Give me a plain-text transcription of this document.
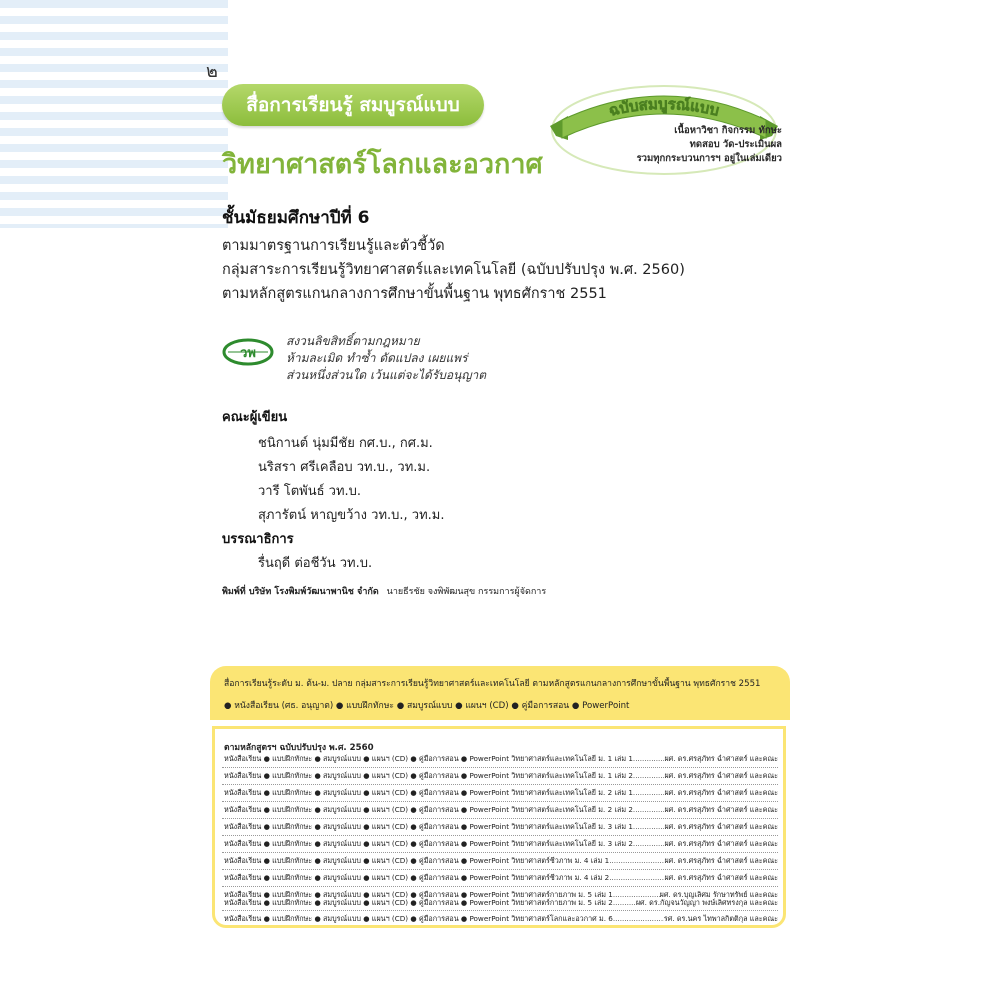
๒
สื่อการเรียนรู้ สมบูรณ์แบบ
วิทยาศาสตร์โลกและอวกาศ
ฉบับสมบูรณ์แบบ
เนื้อหาวิชา กิจกรรม ทักษะ
ทดสอบ วัด-ประเมินผล
รวมทุกกระบวนการฯ อยู่ในเล่มเดียว
ชั้นมัธยมศึกษาปีที่ 6
ตามมาตรฐานการเรียนรู้และตัวชี้วัด
กลุ่มสาระการเรียนรู้วิทยาศาสตร์และเทคโนโลยี (ฉบับปรับปรุง พ.ศ. 2560)
ตามหลักสูตรแกนกลางการศึกษาขั้นพื้นฐาน พุทธศักราช 2551
วพ
สงวนลิขสิทธิ์ตามกฎหมาย
ห้ามละเมิด ทำซ้ำ ดัดแปลง เผยแพร่
ส่วนหนึ่งส่วนใด เว้นแต่จะได้รับอนุญาต
คณะผู้เขียน
ชนิกานต์ นุ่มมีชัย กศ.บ., กศ.ม.
นริสรา ศรีเคลือบ วท.บ., วท.ม.
วารี โตพันธ์ วท.บ.
สุภารัตน์ หาญขว้าง วท.บ., วท.ม.
บรรณาธิการ
รื่นฤดี ต่อชีวัน วท.บ.
พิมพ์ที่ บริษัท โรงพิมพ์วัฒนาพานิช จำกัด นายธีรชัย จงพิพัฒนสุข กรรมการผู้จัดการ
สื่อการเรียนรู้ระดับ ม. ต้น-ม. ปลาย กลุ่มสาระการเรียนรู้วิทยาศาสตร์และเทคโนโลยี ตามหลักสูตรแกนกลางการศึกษาขั้นพื้นฐาน พุทธศักราช 2551
● หนังสือเรียน (ศธ. อนุญาต) ● แบบฝึกทักษะ ● สมบูรณ์แบบ ● แผนฯ (CD) ● คู่มือการสอน ● PowerPoint
ตามหลักสูตรฯ ฉบับปรับปรุง พ.ศ. 2560
หนังสือเรียน ● แบบฝึกทักษะ ● สมบูรณ์แบบ ● แผนฯ (CD) ● คู่มือการสอน ● PowerPoint วิทยาศาสตร์และเทคโนโลยี ม. 1 เล่ม 1 .....	ผศ. ดร.ศรสุภัทร ฉ่ำศาสตร์ และคณะ
หนังสือเรียน ● แบบฝึกทักษะ ● สมบูรณ์แบบ ● แผนฯ (CD) ● คู่มือการสอน ● PowerPoint วิทยาศาสตร์และเทคโนโลยี ม. 1 เล่ม 2 .....	ผศ. ดร.ศรสุภัทร ฉ่ำศาสตร์ และคณะ
หนังสือเรียน ● แบบฝึกทักษะ ● สมบูรณ์แบบ ● แผนฯ (CD) ● คู่มือการสอน ● PowerPoint วิทยาศาสตร์และเทคโนโลยี ม. 2 เล่ม 1 .....	ผศ. ดร.ศรสุภัทร ฉ่ำศาสตร์ และคณะ
หนังสือเรียน ● แบบฝึกทักษะ ● สมบูรณ์แบบ ● แผนฯ (CD) ● คู่มือการสอน ● PowerPoint วิทยาศาสตร์และเทคโนโลยี ม. 2 เล่ม 2 .....	ผศ. ดร.ศรสุภัทร ฉ่ำศาสตร์ และคณะ
หนังสือเรียน ● แบบฝึกทักษะ ● สมบูรณ์แบบ ● แผนฯ (CD) ● คู่มือการสอน ● PowerPoint วิทยาศาสตร์และเทคโนโลยี ม. 3 เล่ม 1 .....	ผศ. ดร.ศรสุภัทร ฉ่ำศาสตร์ และคณะ
หนังสือเรียน ● แบบฝึกทักษะ ● สมบูรณ์แบบ ● แผนฯ (CD) ● คู่มือการสอน ● PowerPoint วิทยาศาสตร์และเทคโนโลยี ม. 3 เล่ม 2 .....	ผศ. ดร.ศรสุภัทร ฉ่ำศาสตร์ และคณะ
หนังสือเรียน ● แบบฝึกทักษะ ● สมบูรณ์แบบ ● แผนฯ (CD) ● คู่มือการสอน ● PowerPoint วิทยาศาสตร์ชีวภาพ ม. 4 เล่ม 1 .....	ผศ. ดร.ศรสุภัทร ฉ่ำศาสตร์ และคณะ
หนังสือเรียน ● แบบฝึกทักษะ ● สมบูรณ์แบบ ● แผนฯ (CD) ● คู่มือการสอน ● PowerPoint วิทยาศาสตร์ชีวภาพ ม. 4 เล่ม 2 .....	ผศ. ดร.ศรสุภัทร ฉ่ำศาสตร์ และคณะ
หนังสือเรียน ● แบบฝึกทักษะ ● สมบูรณ์แบบ ● แผนฯ (CD) ● คู่มือการสอน ● PowerPoint วิทยาศาสตร์กายภาพ ม. 5 เล่ม 1 .....	ผศ. ดร.บุญเลิศม รักษาทรัพย์ และคณะ
หนังสือเรียน ● แบบฝึกทักษะ ● สมบูรณ์แบบ ● แผนฯ (CD) ● คู่มือการสอน ● PowerPoint วิทยาศาสตร์กายภาพ ม. 5 เล่ม 2 .....	ผศ. ดร.กัญจนวัญญา พงษ์เลิศทรงกุล และคณะ
หนังสือเรียน ● แบบฝึกทักษะ ● สมบูรณ์แบบ ● แผนฯ (CD) ● คู่มือการสอน ● PowerPoint วิทยาศาสตร์โลกและอวกาศ ม. 6 .....	รศ. ดร.นคร ไทพาลกิตติกุล และคณะ
